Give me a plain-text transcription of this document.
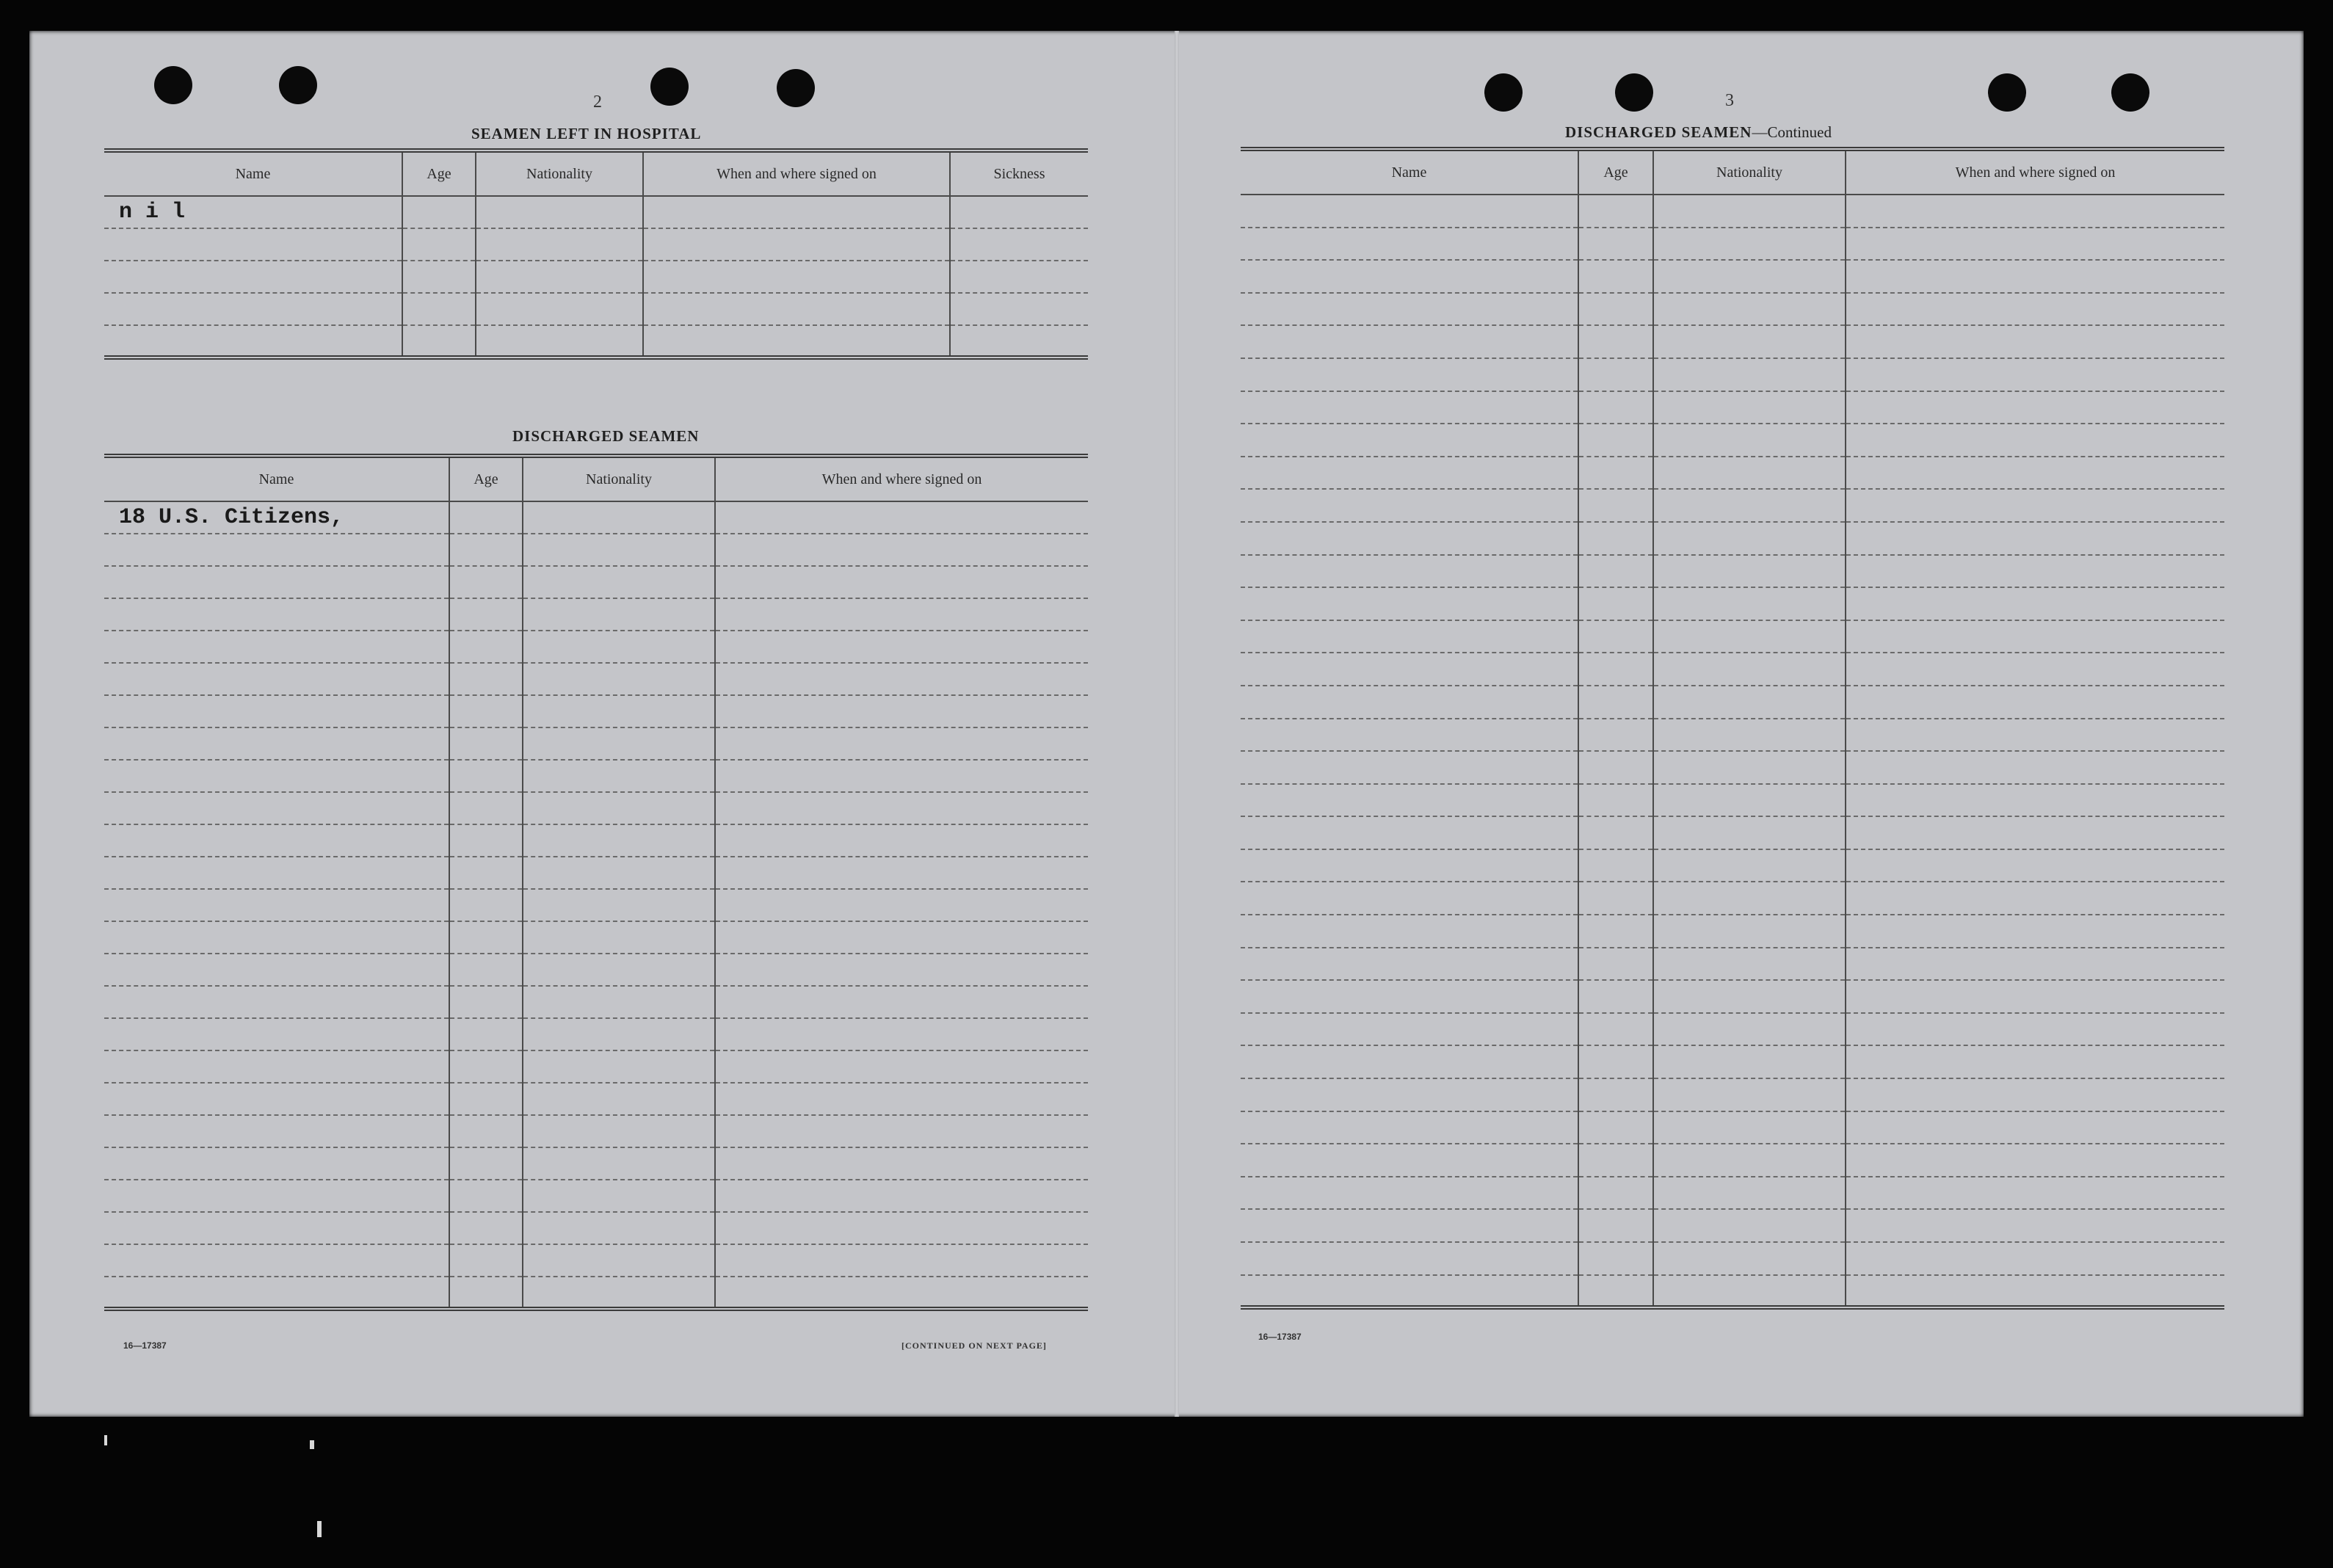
2
SEAMEN LEFT IN HOSPITAL
Name	Age	Nationality	When and where signed on	Sickness
n i l				

DISCHARGED SEAMEN
Name	Age	Nationality	When and where signed on
18 U.S. Citizens,			

16—17387	[CONTINUED ON NEXT PAGE]
3
DISCHARGED SEAMEN—Continued
Name	Age	Nationality	When and where signed on

16—17387
